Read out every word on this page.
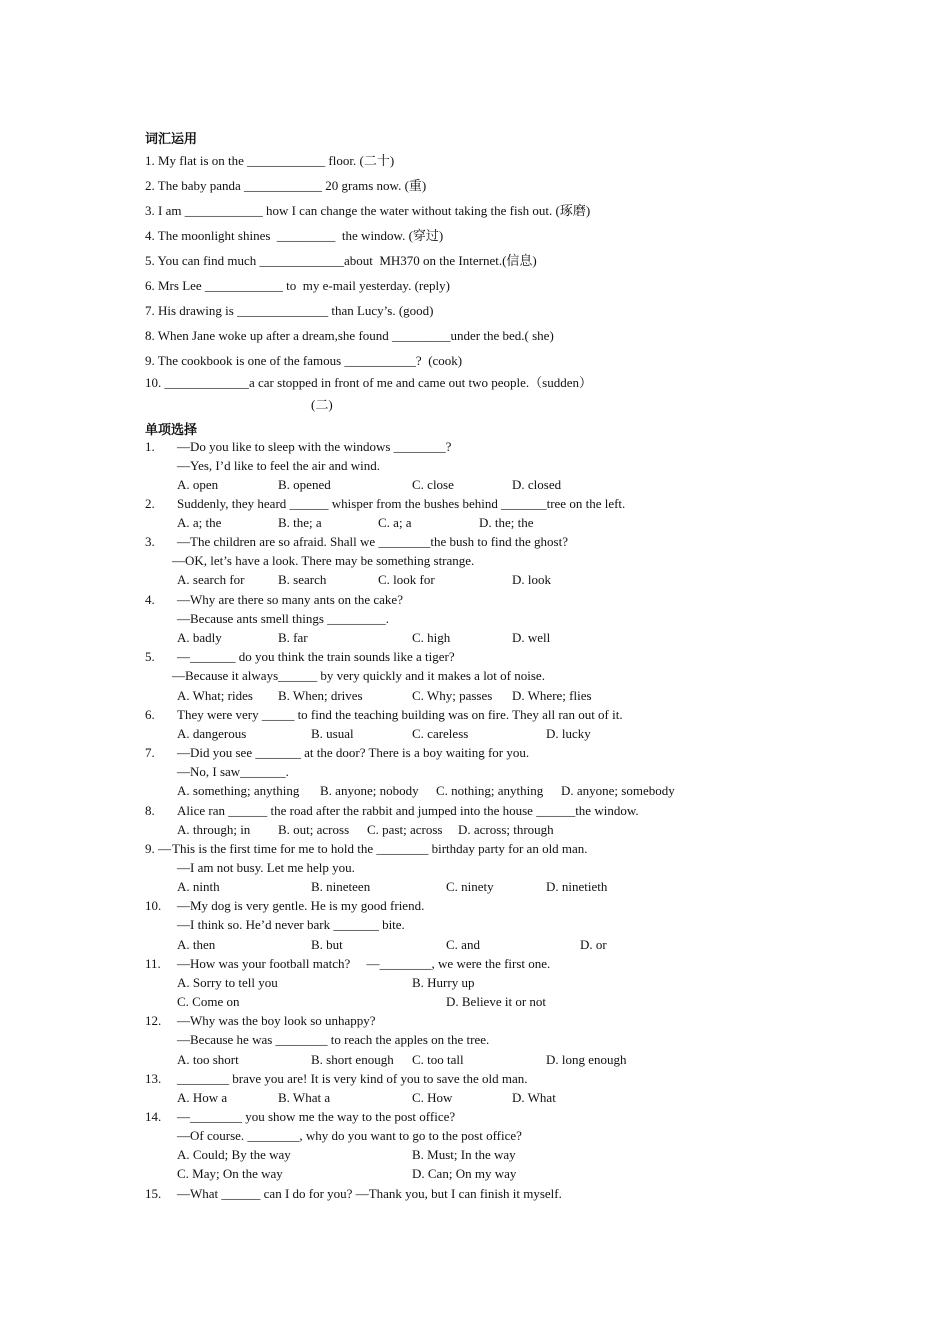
词汇运用
1. My flat is on the ____________ floor. (二十)
2. The baby panda ____________ 20 grams now. (重)
3. I am ____________ how I can change the water without taking the fish out. (琢磨)
4. The moonlight shines  _________  the window. (穿过)
5. You can find much _____________about  MH370 on the Internet.(信息)
6. Mrs Lee ____________ to  my e-mail yesterday. (reply)
7. His drawing is ______________ than Lucy’s. (good)
8. When Jane woke up after a dream,she found _________under the bed.( she)
9. The cookbook is one of the famous ___________?  (cook)
10. _____________a car stopped in front of me and came out two people.（sudden）
(二)
单项选择
1. —Do you like to sleep with the windows ________?
—Yes, I’d like to feel the air and wind.
A. open	B. opened	C. close	D. closed
2. Suddenly, they heard ______ whisper from the bushes behind _______tree on the left.
A. a; the	B. the; a	C. a; a	D. the; the
3. —The children are so afraid. Shall we ________the bush to find the ghost?
—OK, let’s have a look. There may be something strange.
A. search for	B. search	C. look for	D. look
4. —Why are there so many ants on the cake?
—Because ants smell things _________.
A. badly	B. far	C. high	D. well
5. —_______ do you think the train sounds like a tiger?
—Because it always______ by very quickly and it makes a lot of noise.
A. What; rides B. When; drives	C. Why; passes D. Where; flies
6. They were very _____ to find the teaching building was on fire. They all ran out of it.
A. dangerous	B. usual	C. careless	D. lucky
7. —Did you see _______ at the door? There is a boy waiting for you.
—No, I saw_______.
A. something; anything B. anyone; nobody C. nothing; anything D. anyone; somebody
8. Alice ran ______ the road after the rabbit and jumped into the house ______the window.
A. through; in B. out; across C. past; across D. across; through
9. — This is the first time for me to hold the ________ birthday party for an old man.
—I am not busy. Let me help you.
A. ninth	B. nineteen	C. ninety	D. ninetieth
10. —My dog is very gentle. He is my good friend.
—I think so. He’d never bark _______ bite.
A. then	B. but	C. and	D. or
11. —How was your football match?     —________, we were the first one.
A. Sorry to tell you	B. Hurry up
C. Come on	D. Believe it or not
12. —Why was the boy look so unhappy?
—Because he was ________ to reach the apples on the tree.
A. too short	B. short enough C. too tall	D. long enough
13. ________ brave you are! It is very kind of you to save the old man.
A. How a	B. What a	C. How	D. What
14. —________ you show me the way to the post office?
—Of course. ________, why do you want to go to the post office?
A. Could; By the way	B. Must; In the way
C. May; On the way	D. Can; On my way
15. —What ______ can I do for you? —Thank you, but I can finish it myself.
